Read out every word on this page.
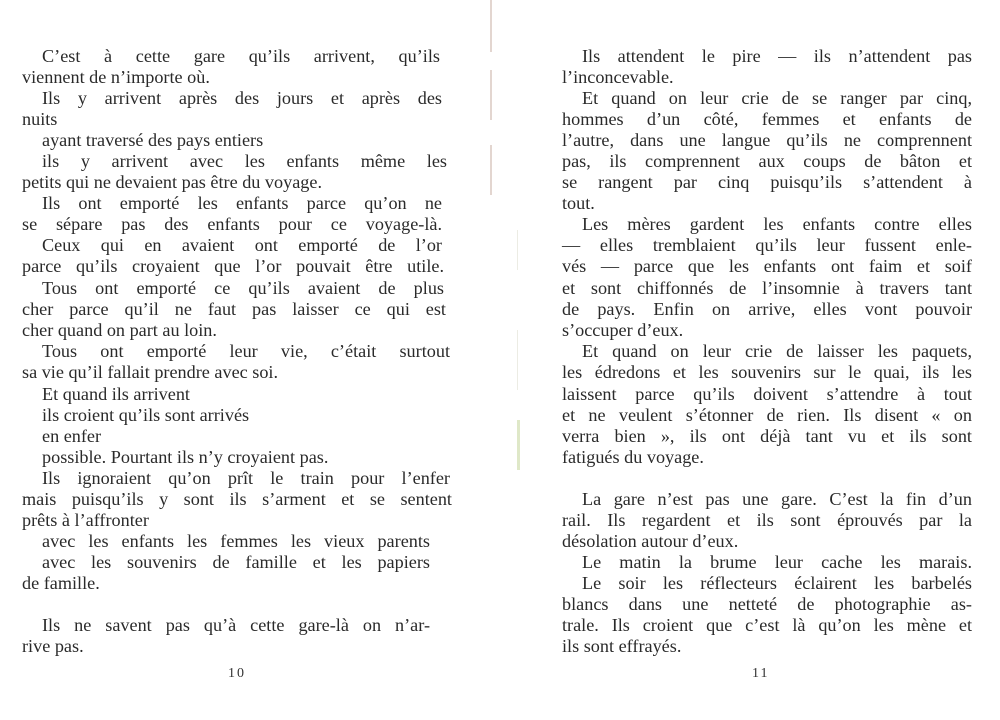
C’est à cette gare qu’ils arrivent, qu’ils
viennent de n’importe où.
Ils y arrivent après des jours et après des
nuits
ayant traversé des pays entiers
ils y arrivent avec les enfants même les
petits qui ne devaient pas être du voyage.
Ils ont emporté les enfants parce qu’on ne
se sépare pas des enfants pour ce voyage-là.
Ceux qui en avaient ont emporté de l’or
parce qu’ils croyaient que l’or pouvait être utile.
Tous ont emporté ce qu’ils avaient de plus
cher parce qu’il ne faut pas laisser ce qui est
cher quand on part au loin.
Tous ont emporté leur vie, c’était surtout
sa vie qu’il fallait prendre avec soi.
Et quand ils arrivent
ils croient qu’ils sont arrivés
en enfer
possible. Pourtant ils n’y croyaient pas.
Ils ignoraient qu’on prît le train pour l’enfer
mais puisqu’ils y sont ils s’arment et se sentent
prêts à l’affronter
avec les enfants les femmes les vieux parents
avec les souvenirs de famille et les papiers
de famille.
Ils ne savent pas qu’à cette gare-là on n’ar-
rive pas.
10
Ils attendent le pire — ils n’attendent pas
l’inconcevable.
Et quand on leur crie de se ranger par cinq,
hommes d’un côté, femmes et enfants de
l’autre, dans une langue qu’ils ne comprennent
pas, ils comprennent aux coups de bâton et
se rangent par cinq puisqu’ils s’attendent à
tout.
Les mères gardent les enfants contre elles
— elles tremblaient qu’ils leur fussent enle-
vés — parce que les enfants ont faim et soif
et sont chiffonnés de l’insomnie à travers tant
de pays. Enfin on arrive, elles vont pouvoir
s’occuper d’eux.
Et quand on leur crie de laisser les paquets,
les édredons et les souvenirs sur le quai, ils les
laissent parce qu’ils doivent s’attendre à tout
et ne veulent s’étonner de rien. Ils disent « on
verra bien », ils ont déjà tant vu et ils sont
fatigués du voyage.
La gare n’est pas une gare. C’est la fin d’un
rail. Ils regardent et ils sont éprouvés par la
désolation autour d’eux.
Le matin la brume leur cache les marais.
Le soir les réflecteurs éclairent les barbelés
blancs dans une netteté de photographie as-
trale. Ils croient que c’est là qu’on les mène et
ils sont effrayés.
11
